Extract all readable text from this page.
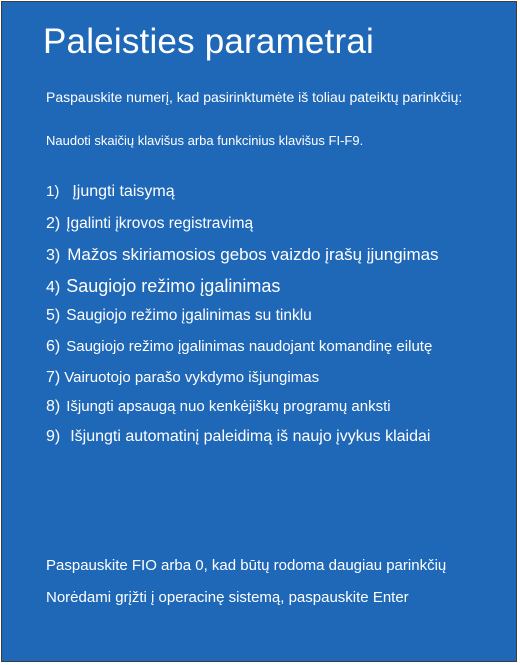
Paleisties parametrai
Paspauskite numerį, kad pasirinktumėte iš toliau pateiktų parinkčių:
Naudoti skaičių klavišus arba funkcinius klavišus FI-F9.
1) Įjungti taisymą
2) Įgalinti įkrovos registravimą
3) Mažos skiriamosios gebos vaizdo įrašų įjungimas
4) Saugiojo režimo įgalinimas
5) Saugiojo režimo įgalinimas su tinklu
6) Saugiojo režimo įgalinimas naudojant komandinę eilutę
7) Vairuotojo parašo vykdymo išjungimas
8) Išjungti apsaugą nuo kenkėjiškų programų anksti
9) Išjungti automatinį paleidimą iš naujo įvykus klaidai
Paspauskite FIO arba 0, kad būtų rodoma daugiau parinkčių
Norėdami grįžti į operacinę sistemą, paspauskite Enter
